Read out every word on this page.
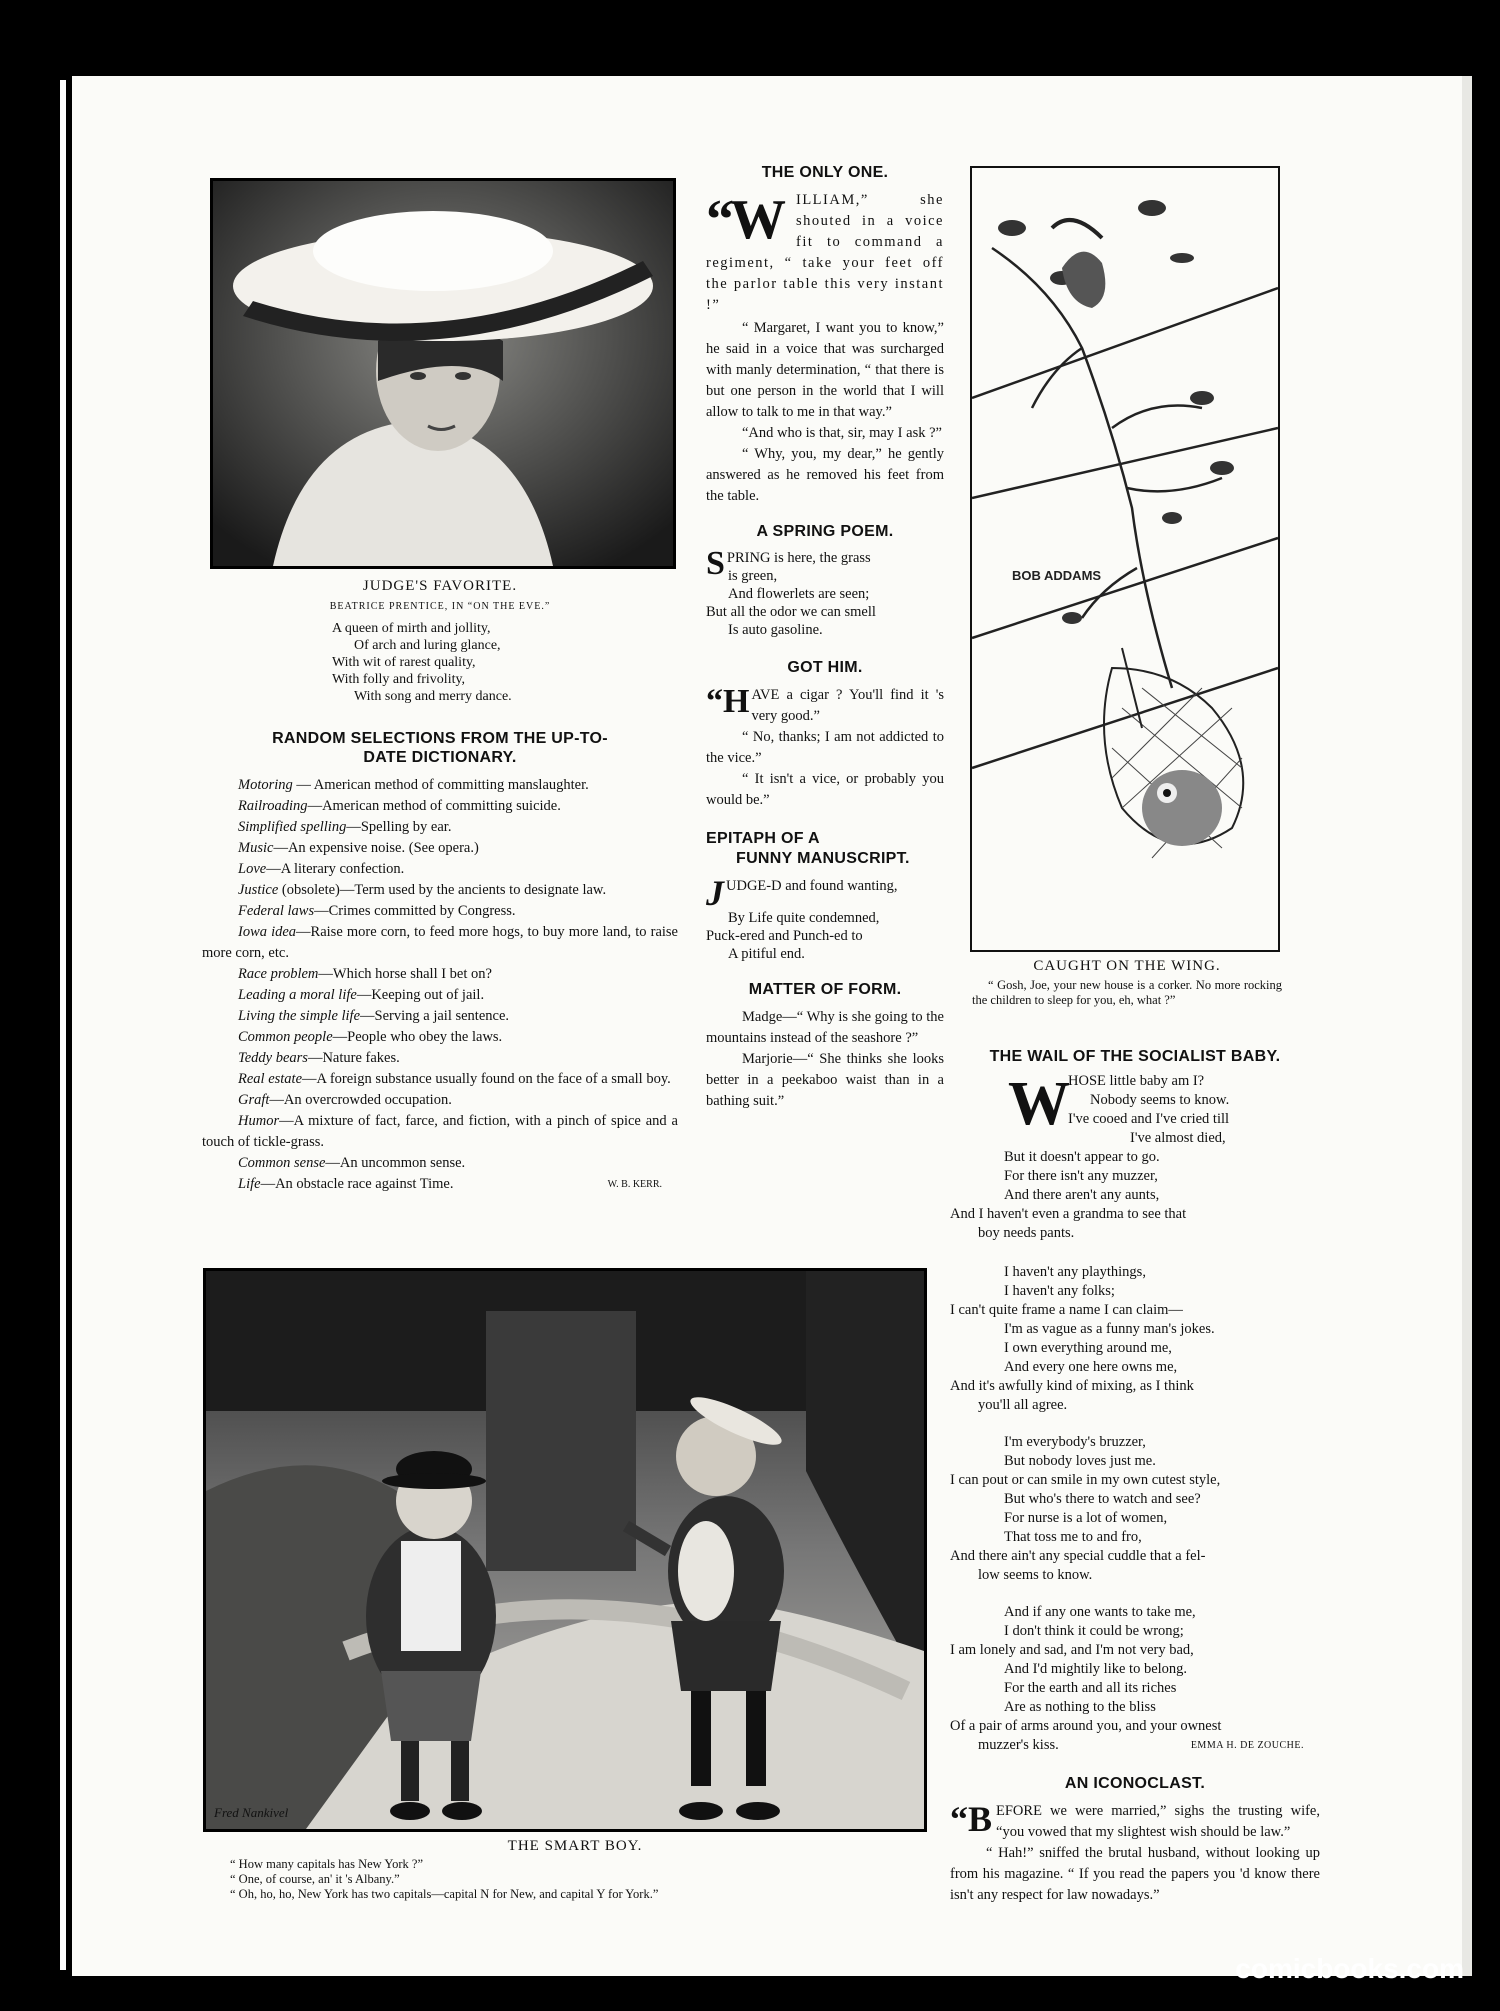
JUDGE'S FAVORITE.
BEATRICE PRENTICE, IN “ON THE EVE.”
A queen of mirth and jollity,
Of arch and luring glance,
With wit of rarest quality,
With folly and frivolity,
With song and merry dance.
RANDOM SELECTIONS FROM THE UP-TO-DATE DICTIONARY.

Motoring — American method of committing manslaughter.

Railroading—American method of committing suicide.

Simplified spelling—Spelling by ear.

Music—An expensive noise. (See opera.)

Love—A literary confection.

Justice (obsolete)—Term used by the ancients to designate law.

Federal laws—Crimes committed by Congress.

Iowa idea—Raise more corn, to feed more hogs, to buy more land, to raise more corn, etc.

Race problem—Which horse shall I bet on?

Leading a moral life—Keeping out of jail.

Living the simple life—Serving a jail sentence.

Common people—People who obey the laws.

Teddy bears—Nature fakes.

Real estate—A foreign substance usually found on the face of a small boy.

Graft—An overcrowded occupation.

Humor—A mixture of fact, farce, and fiction, with a pinch of spice and a touch of tickle-grass.

Common sense—An uncommon sense.

Life—An obstacle race against Time.	W. B. KERR.

THE ONLY ONE.

“WILLIAM,” she shouted in a voice fit to command a regiment, “ take your feet off the parlor table this very instant !”

“ Margaret, I want you to know,” he said in a voice that was surcharged with manly determination, “ that there is but one person in the world that I will allow to talk to me in that way.”

“And who is that, sir, may I ask ?”

“ Why, you, my dear,” he gently answered as he removed his feet from the table.

A SPRING POEM.
SPRING is here, the grass
is green,
And flowerlets are seen;
But all the odor we can smell
Is auto gasoline.
GOT HIM.

“HAVE a cigar ? You'll find it 's very good.”

“ No, thanks; I am not addicted to the vice.”

“ It isn't a vice, or probably you would be.”

EPITAPH OF A
FUNNY MANUSCRIPT.
JUDGE-D and found wanting,
By Life quite condemned,
Puck-ered and Punch-ed to
A pitiful end.
MATTER OF FORM.

Madge—“ Why is she going to the mountains instead of the seashore ?”

Marjorie—“ She thinks she looks better in a peekaboo waist than in a bathing suit.”

BOB ADDAMS
CAUGHT ON THE WING.
“ Gosh, Joe, your new house is a corker. No more rocking the children to sleep for you, eh, what ?”
THE WAIL OF THE SOCIALIST BABY.
W
HOSE little baby am I?
Nobody seems to know.
I've cooed and I've cried till
I've almost died,
But it doesn't appear to go.
For there isn't any muzzer,
And there aren't any aunts,
And I haven't even a grandma to see that
boy needs pants.
I haven't any playthings,
I haven't any folks;
I can't quite frame a name I can claim—
I'm as vague as a funny man's jokes.
I own everything around me,
And every one here owns me,
And it's awfully kind of mixing, as I think
you'll all agree.
I'm everybody's bruzzer,
But nobody loves just me.
I can pout or can smile in my own cutest style,
But who's there to watch and see?
For nurse is a lot of women,
That toss me to and fro,
And there ain't any special cuddle that a fel-
low seems to know.
And if any one wants to take me,
I don't think it could be wrong;
I am lonely and sad, and I'm not very bad,
And I'd mightily like to belong.
For the earth and all its riches
Are as nothing to the bliss
Of a pair of arms around you, and your ownest
muzzer's kiss.	EMMA H. DE ZOUCHE.
AN ICONOCLAST.

“BEFORE we were married,” sighs the trusting wife, “you vowed that my slightest wish should be law.”

“ Hah!” sniffed the brutal husband, without looking up from his magazine. “ If you read the papers you 'd know there isn't any respect for law nowadays.”

Fred Nankivel
THE SMART BOY.
“ How many capitals has New York ?”
“ One, of course, an' it 's Albany.”
“ Oh, ho, ho, New York has two capitals—capital N for New, and capital Y for York.”
comicbooks.com
